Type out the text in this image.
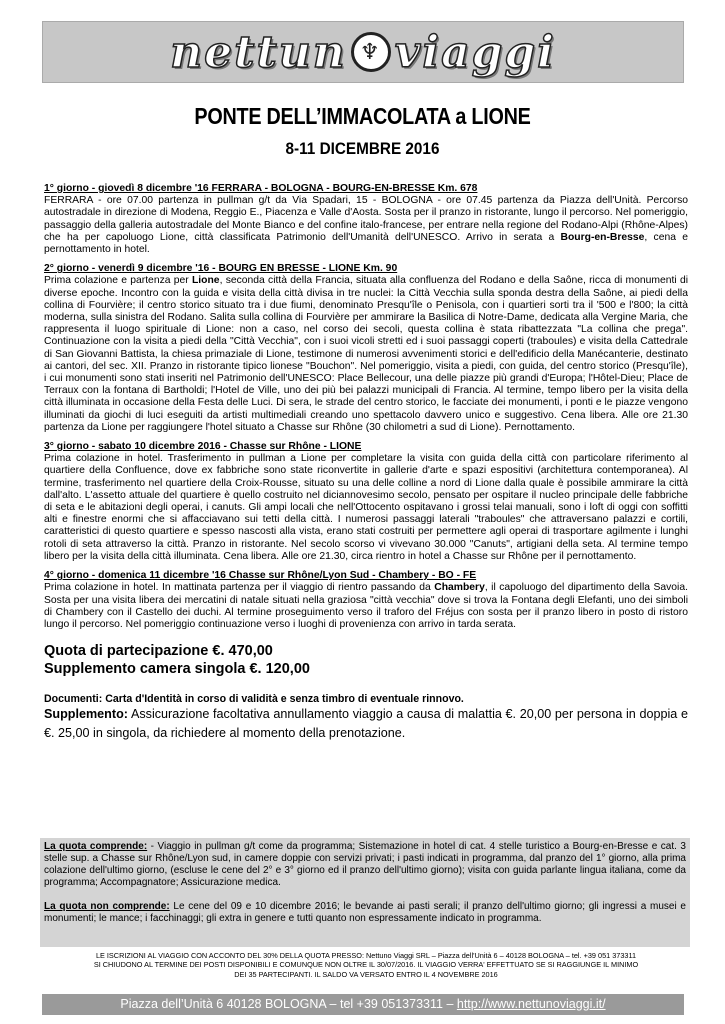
nettun ♆ viaggi
PONTE DELL’IMMACOLATA a LIONE
8-11 DICEMBRE 2016
1° giorno - giovedì 8 dicembre '16 FERRARA - BOLOGNA - BOURG-EN-BRESSE Km. 678
FERRARA - ore 07.00 partenza in pullman g/t da Via Spadari, 15 - BOLOGNA - ore 07.45 partenza da Piazza dell'Unità. Percorso autostradale in direzione di Modena, Reggio E., Piacenza e Valle d'Aosta. Sosta per il pranzo in ristorante, lungo il percorso. Nel pomeriggio, passaggio della galleria autostradale del Monte Bianco e del confine italo-francese, per entrare nella regione del Rodano-Alpi (Rhône-Alpes) che ha per capoluogo Lione, città classificata Patrimonio dell'Umanità dell'UNESCO. Arrivo in serata a Bourg-en-Bresse, cena e pernottamento in hotel.
2° giorno - venerdì 9 dicembre '16 - BOURG EN BRESSE - LIONE Km. 90
Prima colazione e partenza per Lione, seconda città della Francia, situata alla confluenza del Rodano e della Saône, ricca di monumenti di diverse epoche. Incontro con la guida e visita della città divisa in tre nuclei: la Città Vecchia sulla sponda destra della Saône, ai piedi della collina di Fourvière; il centro storico situato tra i due fiumi, denominato Presqu'île o Penisola, con i quartieri sorti tra il '500 e l'800; la città moderna, sulla sinistra del Rodano. Salita sulla collina di Fourvière per ammirare la Basilica di Notre-Dame, dedicata alla Vergine Maria, che rappresenta il luogo spirituale di Lione: non a caso, nel corso dei secoli, questa collina è stata ribattezzata "La collina che prega". Continuazione con la visita a piedi della "Città Vecchia", con i suoi vicoli stretti ed i suoi passaggi coperti (traboules) e visita della Cattedrale di San Giovanni Battista, la chiesa primaziale di Lione, testimone di numerosi avvenimenti storici e dell'edificio della Manécanterie, destinato ai cantori, del sec. XII. Pranzo in ristorante tipico lionese "Bouchon". Nel pomeriggio, visita a piedi, con guida, del centro storico (Presqu'île), i cui monumenti sono stati inseriti nel Patrimonio dell'UNESCO: Place Bellecour, una delle piazze più grandi d'Europa; l'Hôtel-Dieu; Place de Terraux con la fontana di Bartholdi; l'Hotel de Ville, uno dei più bei palazzi municipali di Francia. Al termine, tempo libero per la visita della città illuminata in occasione della Festa delle Luci. Di sera, le strade del centro storico, le facciate dei monumenti, i ponti e le piazze vengono illuminati da giochi di luci eseguiti da artisti multimediali creando uno spettacolo davvero unico e suggestivo. Cena libera. Alle ore 21.30 partenza da Lione per raggiungere l'hotel situato a Chasse sur Rhône (30 chilometri a sud di Lione). Pernottamento.
3° giorno - sabato 10 dicembre 2016 - Chasse sur Rhône - LIONE
Prima colazione in hotel. Trasferimento in pullman a Lione per completare la visita con guida della città con particolare riferimento al quartiere della Confluence, dove ex fabbriche sono state riconvertite in gallerie d'arte e spazi espositivi (architettura contemporanea). Al termine, trasferimento nel quartiere della Croix-Rousse, situato su una delle colline a nord di Lione dalla quale è possibile ammirare la città dall'alto. L'assetto attuale del quartiere è quello costruito nel diciannovesimo secolo, pensato per ospitare il nucleo principale delle fabbriche di seta e le abitazioni degli operai, i canuts. Gli ampi locali che nell'Ottocento ospitavano i grossi telai manuali, sono i loft di oggi con soffitti alti e finestre enormi che si affacciavano sui tetti della città. I numerosi passaggi laterali "traboules" che attraversano palazzi e cortili, caratteristici di questo quartiere e spesso nascosti alla vista, erano stati costruiti per permettere agli operai di trasportare agilmente i lunghi rotoli di seta attraverso la città. Pranzo in ristorante. Nel secolo scorso vi vivevano 30.000 "Canuts", artigiani della seta. Al termine tempo libero per la visita della città illuminata. Cena libera. Alle ore 21.30, circa rientro in hotel a Chasse sur Rhône per il pernottamento.
4° giorno - domenica 11 dicembre '16 Chasse sur Rhône/Lyon Sud - Chambery - BO - FE
Prima colazione in hotel. In mattinata partenza per il viaggio di rientro passando da Chambery, il capoluogo del dipartimento della Savoia. Sosta per una visita libera dei mercatini di natale situati nella graziosa "città vecchia" dove si trova la Fontana degli Elefanti, uno dei simboli di Chambery con il Castello dei duchi. Al termine proseguimento verso il traforo del Fréjus con sosta per il pranzo libero in posto di ristoro lungo il percorso. Nel pomeriggio continuazione verso i luoghi di provenienza con arrivo in tarda serata.
Quota di partecipazione €. 470,00
Supplemento camera singola €. 120,00
Documenti: Carta d'Identità in corso di validità e senza timbro di eventuale rinnovo.
Supplemento: Assicurazione facoltativa annullamento viaggio a causa di malattia €. 20,00 per persona in doppia e €. 25,00 in singola, da richiedere al momento della prenotazione.
La quota comprende: - Viaggio in pullman g/t come da programma; Sistemazione in hotel di cat. 4 stelle turistico a Bourg-en-Bresse e cat. 3 stelle sup. a Chasse sur Rhône/Lyon sud, in camere doppie con servizi privati; i pasti indicati in programma, dal pranzo del 1° giorno, alla prima colazione dell'ultimo giorno, (escluse le cene del 2° e 3° giorno ed il pranzo dell'ultimo giorno); visita con guida parlante lingua italiana, come da programma; Accompagnatore; Assicurazione medica.
La quota non comprende: Le cene del 09 e 10 dicembre 2016; le bevande ai pasti serali; il pranzo dell'ultimo giorno; gli ingressi a musei e monumenti; le mance; i facchinaggi; gli extra in genere e tutti quanto non espressamente indicato in programma.
LE ISCRIZIONI AL VIAGGIO CON ACCONTO DEL 30% DELLA QUOTA PRESSO: Nettuno Viaggi SRL – Piazza dell'Unità 6 – 40128 BOLOGNA – tel. +39 051 373311
SI CHIUDONO AL TERMINE DEI POSTI DISPONIBILI E COMUNQUE NON OLTRE IL 30/07/2016. IL VIAGGIO VERRA' EFFETTUATO SE SI RAGGIUNGE IL MINIMO
DEI 35 PARTECIPANTI. IL SALDO VA VERSATO ENTRO IL 4 NOVEMBRE 2016
Piazza dell’Unità 6 40128 BOLOGNA – tel +39 051373311 – http://www.nettunoviaggi.it/
